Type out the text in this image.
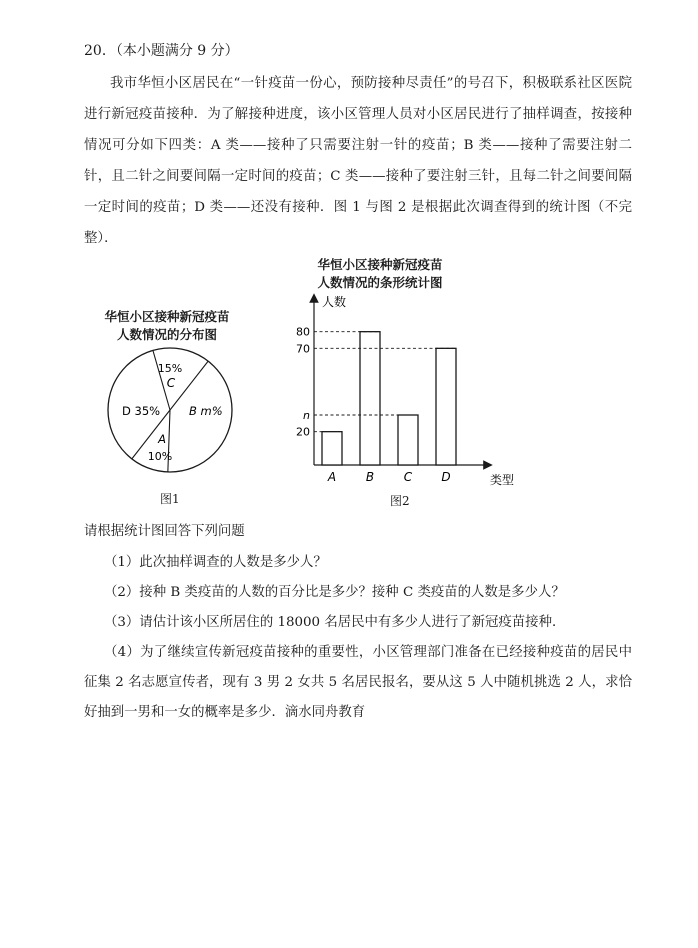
20．（本小题满分 9 分）

我市华恒小区居民在“一针疫苗一份心，预防接种尽责任”的号召下，积极联系社区医院进行新冠疫苗接种．为了解接种进度，该小区管理人员对小区居民进行了抽样调查，按接种情况可分如下四类：A 类——接种了只需要注射一针的疫苗；B 类——接种了需要注射二针，且二针之间要间隔一定时间的疫苗；C 类——接种了要注射三针，且每二针之间要间隔一定时间的疫苗；D 类——还没有接种．图 1 与图 2 是根据此次调查得到的统计图（不完整）．

华恒小区接种新冠疫苗
人数情况的分布图
15%
C
D 35%	B m%
A
10%
图1
华恒小区接种新冠疫苗
人数情况的条形统计图
人数
类型
A B C D
80
70
n
20
图2
请根据统计图回答下列问题

（1）此次抽样调查的人数是多少人？

（2）接种 B 类疫苗的人数的百分比是多少？接种 C 类疫苗的人数是多少人？

（3）请估计该小区所居住的 18000 名居民中有多少人进行了新冠疫苗接种．

（4）为了继续宣传新冠疫苗接种的重要性，小区管理部门准备在已经接种疫苗的居民中征集 2 名志愿宣传者，现有 3 男 2 女共 5 名居民报名，要从这 5 人中随机挑选 2 人，求恰好抽到一男和一女的概率是多少．滴水同舟教育
